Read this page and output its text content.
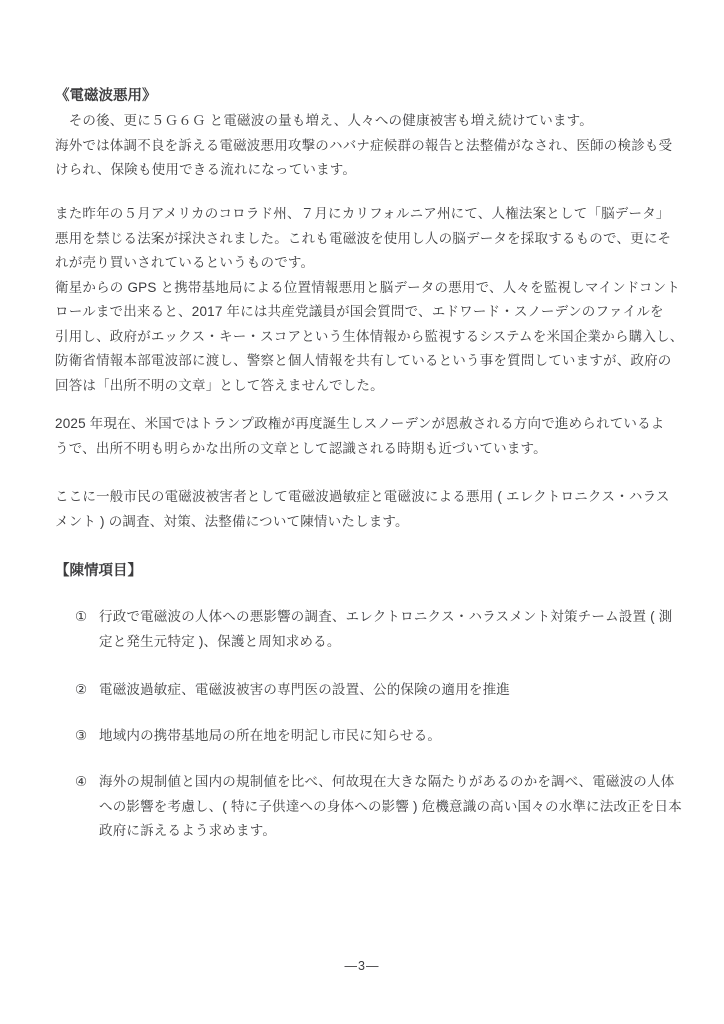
《電磁波悪用》
　その後、更に５Ｇ６Ｇ と電磁波の量も増え、人々への健康被害も増え続けています。
海外では体調不良を訴える電磁波悪用攻撃のハバナ症候群の報告と法整備がなされ、医師の検診も受
けられ、保険も使用できる流れになっています。
また昨年の５月アメリカのコロラド州、７月にカリフォルニア州にて、人権法案として「脳データ」
悪用を禁じる法案が採決されました。これも電磁波を使用し人の脳データを採取するもので、更にそ
れが売り買いされているというものです。
衛星からの GPS と携帯基地局による位置情報悪用と脳データの悪用で、人々を監視しマインドコント
ロールまで出来ると、2017 年には共産党議員が国会質問で、エドワード・スノーデンのファイルを
引用し、政府がエックス・キー・スコアという生体情報から監視するシステムを米国企業から購入し、
防衛省情報本部電波部に渡し、警察と個人情報を共有しているという事を質問していますが、政府の
回答は「出所不明の文章」として答えませんでした。
2025 年現在、米国ではトランプ政権が再度誕生しスノーデンが恩赦される方向で進められているよ
うで、出所不明も明らかな出所の文章として認識される時期も近づいています。
ここに一般市民の電磁波被害者として電磁波過敏症と電磁波による悪用 ( エレクトロニクス・ハラス
メント ) の調査、対策、法整備について陳情いたします。
【陳情項目】
① 行政で電磁波の人体への悪影響の調査、エレクトロニクス・ハラスメント対策チーム設置 ( 測
定と発生元特定 )、保護と周知求める。
② 電磁波過敏症、電磁波被害の専門医の設置、公的保険の適用を推進
③ 地域内の携帯基地局の所在地を明記し市民に知らせる。
④ 海外の規制値と国内の規制値を比べ、何故現在大きな隔たりがあるのかを調べ、電磁波の人体
への影響を考慮し、( 特に子供達への身体への影響 ) 危機意識の高い国々の水準に法改正を日本
政府に訴えるよう求めます。
—3—
